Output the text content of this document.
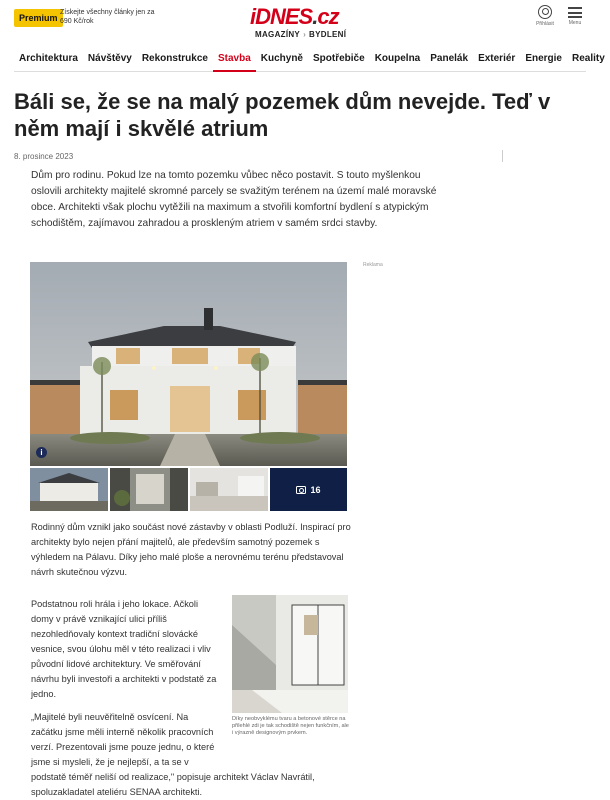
Premium
Získejte všechny články jen za 690 Kč/rok	iDNES.cz
MAGAZÍNY › BYDLENÍ
Přihlásit	Menu
Architektura	Návštěvy	Rekonstrukce	Stavba	Kuchyně	Spotřebiče	Koupelna	Panelák	Exteriér	Energie	Reality
Báli se, že se na malý pozemek dům nevejde. Teď v něm mají i skvělé atrium
8. prosince 2023

Dům pro rodinu. Pokud lze na tomto pozemku vůbec něco postavit. S touto myšlenkou oslovili architekty majitelé skromné parcely se svažitým terénem na území malé moravské obce. Architekti však plochu vytěžili na maximum a stvořili komfortní bydlení s atypickým schodištěm, zajímavou zahradou a proskleným atriem v samém srdci stavby.

Reklama
i
16

Rodinný dům vznikl jako součást nové zástavby v oblasti Podluží. Inspirací pro architekty bylo nejen přání majitelů, ale především samotný pozemek s výhledem na Pálavu. Díky jeho malé ploše a nerovnému terénu představoval návrh skutečnou výzvu.

Podstatnou roli hrála i jeho lokace. Ačkoli domy v právě vznikající ulici příliš nezohledňovaly kontext tradiční slovácké vesnice, svou úlohu měl v této realizaci i vliv původní lidové architektury. Ve směřování návrhu byli investoři a architekti v podstatě za jedno.

„Majitelé byli neuvěřitelně osvícení. Na začátku jsme měli interně několik pracovních verzí. Prezentovali jsme pouze jednu, o které jsme si mysleli, že je nejlepší, a ta se v
podstatě téměř neliší od realizace," popisuje architekt Václav Navrátil, spoluzakladatel ateliéru SENAA architekti.

Díky neobvyklému tvaru a betonové stěrce na přilehlé zdi je tak schodiště nejen funkčním, ale i výrazně designovým prvkem.
